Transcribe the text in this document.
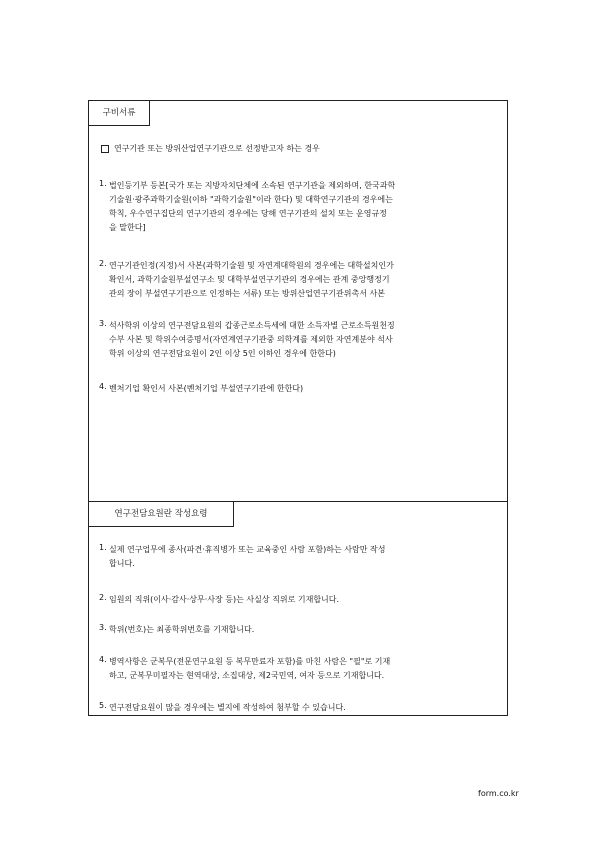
구비서류
연구기관 또는 방위산업연구기관으로 선정받고자 하는 경우
1. 법인등기부 등본[국가 또는 지방자치단체에 소속된 연구기관을 제외하며, 한국과학
기술원·광주과학기술원(이하 "과학기술원"이라 한다) 및 대학연구기관의 경우에는
학칙, 우수연구집단의 연구기관의 경우에는 당해 연구기관의 설치 또는 운영규정
을 말한다]
2. 연구기관인정(지정)서 사본(과학기술원 및 자연계대학원의 경우에는 대학설치인가
확인서, 과학기술원부설연구소 및 대학부설연구기관의 경우에는 관계 중앙행정기
관의 장이 부설연구기관으로 인정하는 서류) 또는 방위산업연구기관위촉서 사본
3. 석사학위 이상의 연구전담요원의 갑종근로소득세에 대한 소득자별 근로소득원천징
수부 사본 및 학위수여증명서(자연계연구기관중 의학계를 제외한 자연계분야 석사
학위 이상의 연구전담요원이 2인 이상 5인 이하인 경우에 한한다)
4. 벤처기업 확인서 사본(벤처기업 부설연구기관에 한한다)
연구전담요원란 작성요령
1. 실제 연구업무에 종사(파견·휴직병가 또는 교육중인 사람 포함)하는 사람만 작성
합니다.
2. 임원의 직위(이사·감사·상무·사장 등)는 사실상 직위로 기재합니다.
3. 학위(번호)는 최종학위번호를 기재합니다.
4. 병역사항은 군복무(전문연구요원 등 복무만료자 포함)를 마친 사람은 "필"로 기재
하고, 군복무미필자는 현역대상, 소집대상, 제2국민역, 여자 등으로 기재합니다.
5. 연구전담요원이 많을 경우에는 별지에 작성하여 첨부할 수 있습니다.
form.co.kr
